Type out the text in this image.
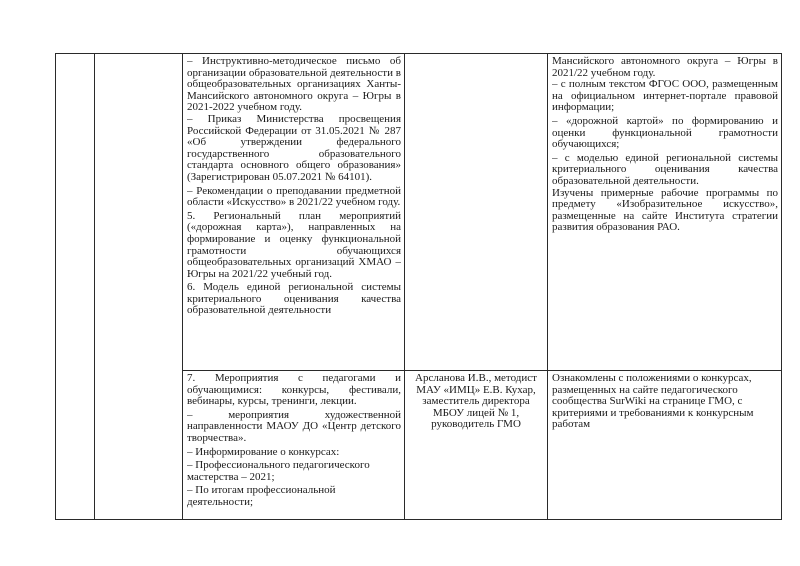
– Инструктивно-методическое письмо об организации образовательной деятельности в общеобразовательных организациях Ханты-Мансийского автономного округа – Югры в 2021-2022 учебном году.

– Приказ Министерства просвещения Российской Федерации от 31.05.2021 № 287 «Об утверждении федерального государственного образовательного стандарта основного общего образования» (Зарегистрирован 05.07.2021 № 64101).

– Рекомендации о преподавании предметной области «Искусство» в 2021/22 учебном году.

5. Региональный план мероприятий («дорожная карта»), направленных на формирование и оценку функциональной грамотности обучающихся общеобразовательных организаций ХМАО – Югры на 2021/22 учебный год.

6. Модель единой региональной системы критериального оценивания качества образовательной деятельности

Мансийского автономного округа – Югры в 2021/22 учебном году.

– с полным текстом ФГОС ООО, размещенным на официальном интернет-портале правовой информации;

– «дорожной картой» по формированию и оценки функциональной грамотности обучающихся;

– с моделью единой региональной системы критериального оценивания качества образовательной деятельности.

Изучены примерные рабочие программы по предмету «Изобразительное искусство», размещенные на сайте Института стратегии развития образования РАО.

7. Мероприятия с педагогами и обучающимися: конкурсы, фестивали, вебинары, курсы, тренинги, лекции.

– мероприятия художественной направленности МАОУ ДО «Центр детского творчества».

– Информирование о конкурсах:

– Профессионального педагогического мастерства – 2021;

– По итогам профессиональной деятельности;

Арсланова И.В., методист МАУ «ИМЦ» Е.В. Кухар, заместитель директора МБОУ лицей № 1, руководитель ГМО

Ознакомлены с положениями о конкурсах, размещенных на сайте педагогического сообщества SurWiki на странице ГМО, с критериями и требованиями к конкурсным работам
